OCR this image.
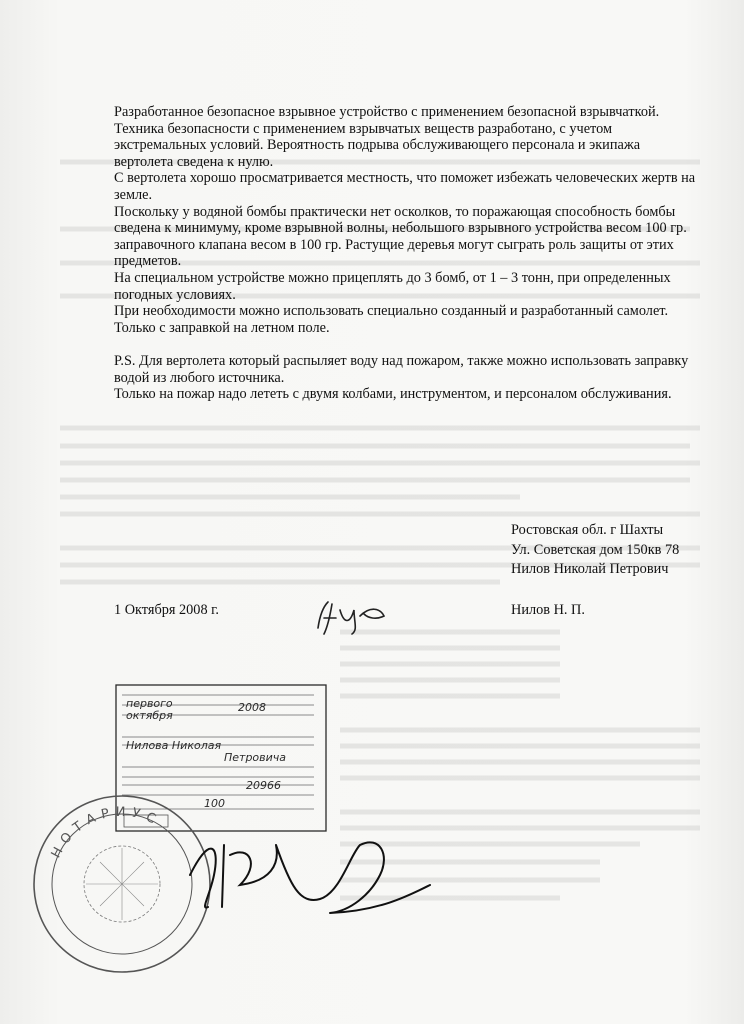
Разработанное безопасное взрывное устройство с применением безопасной взрывчаткой. Техника безопасности с применением взрывчатых веществ разработано, с учетом экстремальных условий. Вероятность подрыва обслуживающего персонала и экипажа вертолета сведена к нулю.

С вертолета хорошо просматривается местность, что поможет избежать человеческих жертв на земле.

Поскольку у водяной бомбы практически нет осколков, то поражающая способность бомбы сведена к минимуму, кроме взрывной волны, небольшого взрывного устройства весом 100 гр. заправочного клапана весом в 100 гр. Растущие деревья могут сыграть роль защиты от этих предметов.

На специальном устройстве можно прицеплять до 3 бомб, от 1 – 3 тонн, при определенных погодных условиях.

При необходимости можно использовать специально созданный и разработанный самолет. Только с заправкой на летном поле.

P.S. Для вертолета который распыляет воду над пожаром, также можно использовать заправку водой из любого источника.

Только на пожар надо лететь с двумя колбами, инструментом, и персоналом обслуживания.

Ростовская обл. г Шахты
Ул. Советская дом 150кв 78
Нилов Николай Петрович
1 Октября 2008 г.	Нилов Н. П.
первого
октября
2008
Нилова Николая
Петровича
20966
100
НОТАРИУС
